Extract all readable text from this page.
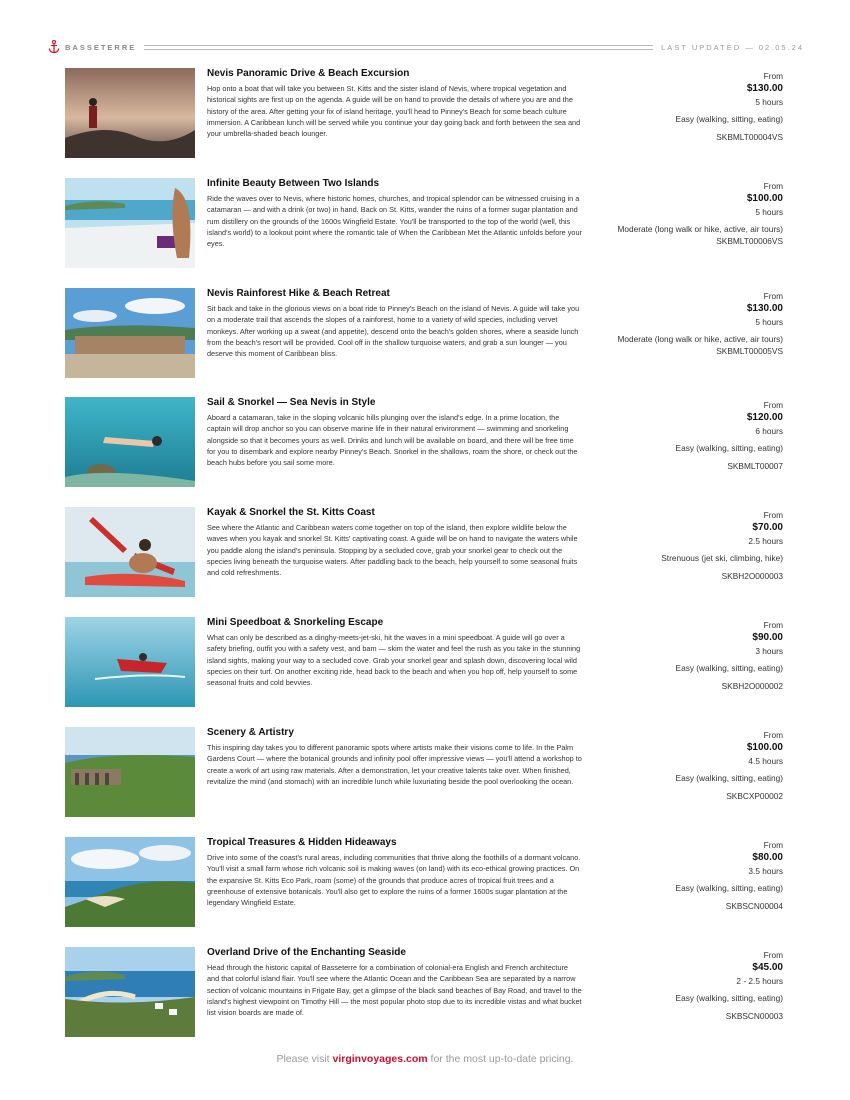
BASSETERRE	LAST UPDATED — 02.05.24
Nevis Panoramic Drive & Beach Excursion
Hop onto a boat that will take you between St. Kitts and the sister island of Nevis, where tropical vegetation and historical sights are first up on the agenda. A guide will be on hand to provide the details of where you are and the history of the area. After getting your fix of island heritage, you'll head to Pinney's Beach for some beach culture immersion. A Caribbean lunch will be served while you continue your day going back and forth between the sea and your umbrella-shaded beach lounger.
From
$130.00
5 hours
Easy (walking, sitting, eating)
SKBMLT00004VS
Infinite Beauty Between Two Islands
Ride the waves over to Nevis, where historic homes, churches, and tropical splendor can be witnessed cruising in a catamaran — and with a drink (or two) in hand. Back on St. Kitts, wander the ruins of a former sugar plantation and rum distillery on the grounds of the 1600s Wingfield Estate. You'll be transported to the top of the world (well, this island's world) to a lookout point where the romantic tale of When the Caribbean Met the Atlantic unfolds before your eyes.
From
$100.00
5 hours
Moderate (long walk or hike, active, air tours)
SKBMLT00006VS
Nevis Rainforest Hike & Beach Retreat
Sit back and take in the glorious views on a boat ride to Pinney's Beach on the island of Nevis. A guide will take you on a moderate trail that ascends the slopes of a rainforest, home to a variety of wild species, including vervet monkeys. After working up a sweat (and appetite), descend onto the beach's golden shores, where a seaside lunch from the beach's resort will be provided. Cool off in the shallow turquoise waters, and grab a sun lounger — you deserve this moment of Caribbean bliss.
From
$130.00
5 hours
Moderate (long walk or hike, active, air tours)
SKBMLT00005VS
Sail & Snorkel — Sea Nevis in Style
Aboard a catamaran, take in the sloping volcanic hills plunging over the island's edge. In a prime location, the captain will drop anchor so you can observe marine life in their natural environment — swimming and snorkeling alongside so that it becomes yours as well. Drinks and lunch will be available on board, and there will be free time for you to disembark and explore nearby Pinney's Beach. Snorkel in the shallows, roam the shore, or check out the beach hubs before you sail some more.
From
$120.00
6 hours
Easy (walking, sitting, eating)
SKBMLT00007
Kayak & Snorkel the St. Kitts Coast
See where the Atlantic and Caribbean waters come together on top of the island, then explore wildlife below the waves when you kayak and snorkel St. Kitts' captivating coast. A guide will be on hand to navigate the waters while you paddle along the island's peninsula. Stopping by a secluded cove, grab your snorkel gear to check out the species living beneath the turquoise waters. After paddling back to the beach, help yourself to some seasonal fruits and cold refreshments.
From
$70.00
2.5 hours
Strenuous (jet ski, climbing, hike)
SKBH2O000003
Mini Speedboat & Snorkeling Escape
What can only be described as a dinghy-meets-jet-ski, hit the waves in a mini speedboat. A guide will go over a safety briefing, outfit you with a safety vest, and bam — skim the water and feel the rush as you take in the stunning island sights, making your way to a secluded cove. Grab your snorkel gear and splash down, discovering local wild species on their turf. On another exciting ride, head back to the beach and when you hop off, help yourself to some seasonal fruits and cold bevvies.
From
$90.00
3 hours
Easy (walking, sitting, eating)
SKBH2O000002
Scenery & Artistry
This inspiring day takes you to different panoramic spots where artists make their visions come to life. In the Palm Gardens Court — where the botanical grounds and infinity pool offer impressive views — you'll attend a workshop to create a work of art using raw materials. After a demonstration, let your creative talents take over. When finished, revitalize the mind (and stomach) with an incredible lunch while luxuriating beside the pool overlooking the ocean.
From
$100.00
4.5 hours
Easy (walking, sitting, eating)
SKBCXP00002
Tropical Treasures & Hidden Hideaways
Drive into some of the coast's rural areas, including communities that thrive along the foothills of a dormant volcano. You'll visit a small farm whose rich volcanic soil is making waves (on land) with its eco-ethical growing practices. On the expansive St. Kitts Eco Park, roam (some) of the grounds that produce acres of tropical fruit trees and a greenhouse of extensive botanicals. You'll also get to explore the ruins of a former 1600s sugar plantation at the legendary Wingfield Estate.
From
$80.00
3.5 hours
Easy (walking, sitting, eating)
SKBSCN00004
Overland Drive of the Enchanting Seaside
Head through the historic capital of Basseterre for a combination of colonial-era English and French architecture and that colorful island flair. You'll see where the Atlantic Ocean and the Caribbean Sea are separated by a narrow section of volcanic mountains in Frigate Bay, get a glimpse of the black sand beaches of Bay Road, and travel to the island's highest viewpoint on Timothy Hill — the most popular photo stop due to its incredible vistas and what bucket list vision boards are made of.
From
$45.00
2 - 2.5 hours
Easy (walking, sitting, eating)
SKBSCN00003
Please visit virginvoyages.com for the most up-to-date pricing.
